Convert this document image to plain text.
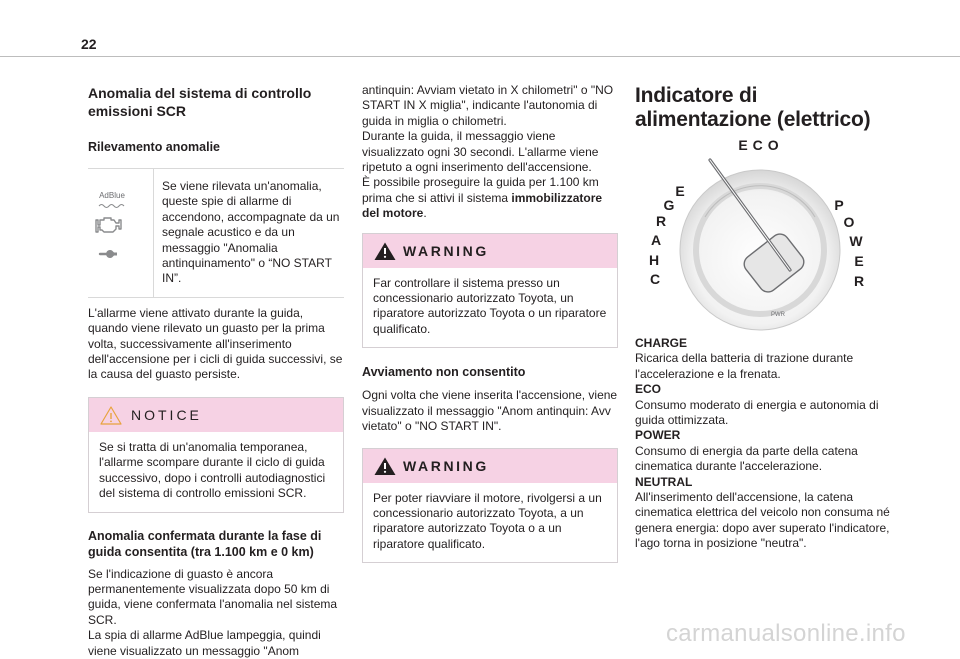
22
Anomalia del sistema di controllo emissioni SCR
Rilevamento anomalie
AdBlue
Se viene rilevata un'anomalia, queste spie di allarme di accendono, accompagnate da un segnale acustico e da un messaggio "Anomalia antinquinamento" o “NO START IN”.
L'allarme viene attivato durante la guida, quando viene rilevato un guasto per la prima volta, successivamente all'inserimento dell'accensione per i cicli di guida successivi, se la causa del guasto persiste.
NOTICE
Se si tratta di un'anomalia temporanea, l'allarme scompare durante il ciclo di guida successivo, dopo i controlli autodiagnostici del sistema di controllo emissioni SCR.
Anomalia confermata durante la fase di guida consentita (tra 1.100 km e 0 km)
Se l'indicazione di guasto è ancora permanentemente visualizzata dopo 50 km di guida, viene confermata l'anomalia nel sistema SCR.
La spia di allarme AdBlue lampeggia, quindi viene visualizzato un messaggio "Anom
antinquin: Avviam vietato in X chilometri" o "NO START IN X miglia", indicante l'autonomia di guida in miglia o chilometri.
Durante la guida, il messaggio viene visualizzato ogni 30 secondi. L'allarme viene ripetuto a ogni inserimento dell'accensione.
È possibile proseguire la guida per 1.100 km prima che si attivi il sistema immobilizzatore del motore.
WARNING
Far controllare il sistema presso un concessionario autorizzato Toyota, un riparatore autorizzato Toyota o un riparatore qualificato.
Avviamento non consentito
Ogni volta che viene inserita l'accensione, viene visualizzato il messaggio "Anom antinquin: Avv vietato" o "NO START IN".
WARNING
Per poter riavviare il motore, rivolgersi a un concessionario autorizzato Toyota, a un riparatore autorizzato Toyota o a un riparatore qualificato.
Indicatore di alimentazione (elettrico)
ECO
C
H
A
R
G
E
P
O
W
E
R
PWR
CHARGE
Ricarica della batteria di trazione durante l'accelerazione e la frenata.
ECO
Consumo moderato di energia e autonomia di guida ottimizzata.
POWER
Consumo di energia da parte della catena cinematica durante l'accelerazione.
NEUTRAL
All'inserimento dell'accensione, la catena cinematica elettrica del veicolo non consuma né genera energia: dopo aver superato l'indicatore, l'ago torna in posizione "neutra".
carmanualsonline.info
